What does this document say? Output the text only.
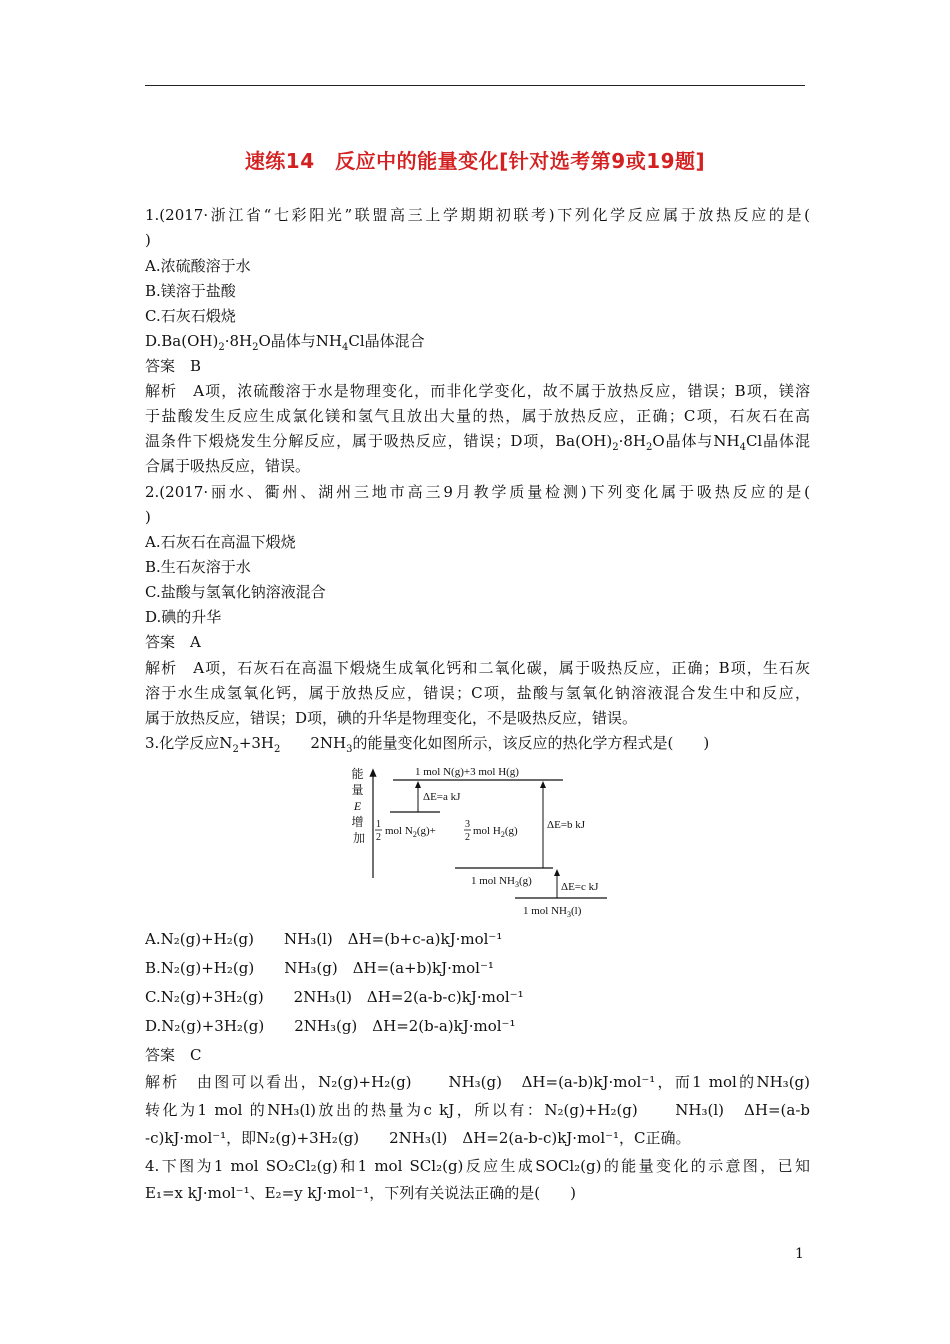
速练14　反应中的能量变化[针对选考第9或19题]
1.(2017·浙江省“七彩阳光”联盟高三上学期期初联考)下列化学反应属于放热反应的是(
)
A.浓硫酸溶于水
B.镁溶于盐酸
C.石灰石煅烧
$D.Ba(OH)_2\cdot 8H_2O$晶体与$NH_4Cl$晶体混合
答案　B
解析　A项，浓硫酸溶于水是物理变化，而非化学变化，故不属于放热反应，错误；B项，镁溶
于盐酸发生反应生成氯化镁和氢气且放出大量的热，属于放热反应，正确；C项，石灰石在高
温条件下煅烧发生分解反应，属于吸热反应，错误；D项，$Ba(OH)_2\cdot 8H_2O$晶体与$NH_4Cl$晶体混
合属于吸热反应，错误。
2.(2017·丽水、衢州、湖州三地市高三9月教学质量检测)下列变化属于吸热反应的是(
)
A.石灰石在高温下煅烧
B.生石灰溶于水
C.盐酸与氢氧化钠溶液混合
D.碘的升华
答案　A
解析　A项，石灰石在高温下煅烧生成氧化钙和二氧化碳，属于吸热反应，正确；B项，生石灰
溶于水生成氢氧化钙，属于放热反应，错误；C项，盐酸与氢氧化钠溶液混合发生中和反应，
属于放热反应，错误；D项，碘的升华是物理变化，不是吸热反应，错误。
3.化学反应$N_2+3H_2$ $2NH_3$的能量变化如图所示，该反应的热化学方程式是(　　)
能 量 E 增 加
1 mol N(g)+3 mol H(g)
ΔE=a kJ
1
2
mol $N_2(g)+$
3
2
mol $H_2(g)$	ΔE=b kJ
1 mol $NH_3(g)$	ΔE=c kJ
1 mol $NH_3(l)$
A.N₂(g)+H₂(g)　　NH₃(l)　ΔH=(b+c-a)kJ·mol⁻¹
B.N₂(g)+H₂(g)　　NH₃(g)　ΔH=(a+b)kJ·mol⁻¹
C.N₂(g)+3H₂(g)　　2NH₃(l)　ΔH=2(a-b-c)kJ·mol⁻¹
D.N₂(g)+3H₂(g)　　2NH₃(g)　ΔH=2(b-a)kJ·mol⁻¹
答案　C
解析　由图可以看出，N₂(g)+H₂(g)　　NH₃(g)　ΔH=(a-b)kJ·mol⁻¹，而1 mol的NH₃(g)
转化为1 mol 的NH₃(l)放出的热量为c kJ，所以有：N₂(g)+H₂(g)　　NH₃(l)　ΔH=(a-b
-c)kJ·mol⁻¹，即N₂(g)+3H₂(g)　　2NH₃(l)　ΔH=2(a-b-c)kJ·mol⁻¹，C正确。
4.下图为1 mol SO₂Cl₂(g)和1 mol SCl₂(g)反应生成SOCl₂(g)的能量变化的示意图，已知
E₁=x kJ·mol⁻¹、E₂=y kJ·mol⁻¹，下列有关说法正确的是(　　)
1
